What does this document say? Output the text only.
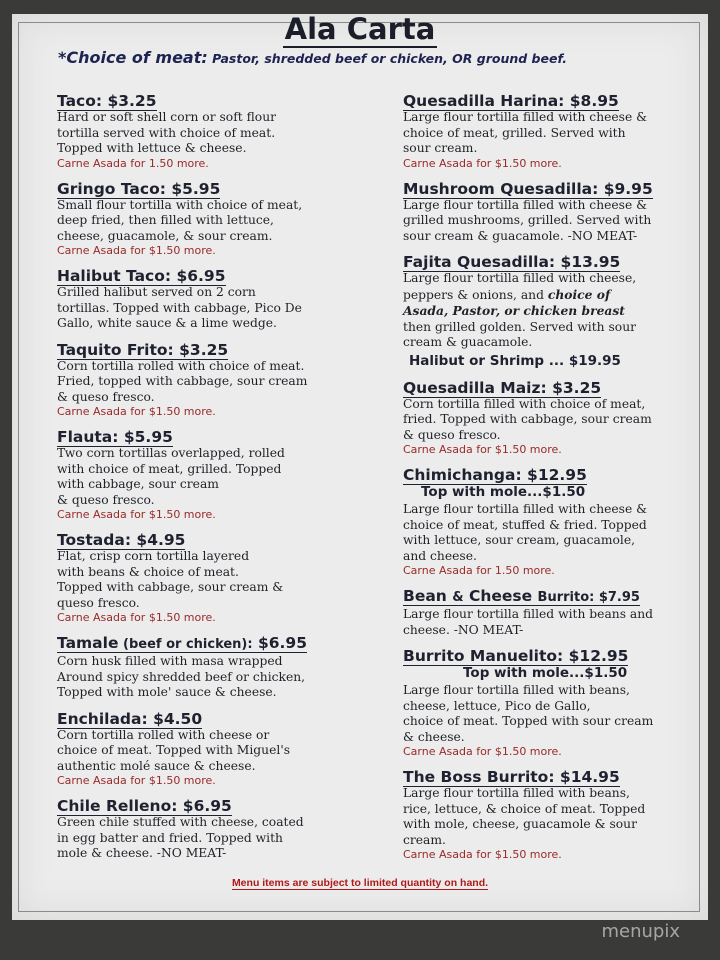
Ala Carta
*Choice of meat: Pastor, shredded beef or chicken, OR ground beef.
Taco: $3.25

Hard or soft shell corn or soft flour
tortilla served with choice of meat.
Topped with lettuce & cheese.

Carne Asada for 1.50 more.

Gringo Taco: $5.95

Small flour tortilla with choice of meat,
deep fried, then filled with lettuce,
cheese, guacamole, & sour cream.

Carne Asada for $1.50 more.

Halibut Taco: $6.95

Grilled halibut served on 2 corn
tortillas. Topped with cabbage, Pico De
Gallo, white sauce & a lime wedge.

Taquito Frito: $3.25

Corn tortilla rolled with choice of meat.
Fried, topped with cabbage, sour cream
& queso fresco.

Carne Asada for $1.50 more.

Flauta: $5.95

Two corn tortillas overlapped, rolled
with choice of meat, grilled. Topped
with cabbage, sour cream
& queso fresco.

Carne Asada for $1.50 more.

Tostada: $4.95

Flat, crisp corn tortilla layered
with beans & choice of meat.
Topped with cabbage, sour cream &
queso fresco.

Carne Asada for $1.50 more.

Tamale (beef or chicken): $6.95

Corn husk filled with masa wrapped
Around spicy shredded beef or chicken,
Topped with mole' sauce & cheese.

Enchilada: $4.50

Corn tortilla rolled with cheese or
choice of meat. Topped with Miguel's
authentic molé sauce & cheese.

Carne Asada for $1.50 more.

Chile Relleno: $6.95

Green chile stuffed with cheese, coated
in egg batter and fried. Topped with
mole & cheese. -NO MEAT-

Quesadilla Harina: $8.95

Large flour tortilla filled with cheese &
choice of meat, grilled. Served with
sour cream.

Carne Asada for $1.50 more.

Mushroom Quesadilla: $9.95

Large flour tortilla filled with cheese &
grilled mushrooms, grilled. Served with
sour cream & guacamole. -NO MEAT-

Fajita Quesadilla: $13.95

Large flour tortilla filled with cheese,
peppers & onions, and choice of
Asada, Pastor, or chicken breast
then grilled golden. Served with sour
cream & guacamole.

Halibut or Shrimp ... $19.95

Quesadilla Maiz: $3.25

Corn tortilla filled with choice of meat,
fried. Topped with cabbage, sour cream
& queso fresco.

Carne Asada for $1.50 more.

Chimichanga: $12.95

Top with mole...$1.50

Large flour tortilla filled with cheese &
choice of meat, stuffed & fried. Topped
with lettuce, sour cream, guacamole,
and cheese.

Carne Asada for 1.50 more.

Bean & Cheese Burrito: $7.95

Large flour tortilla filled with beans and
cheese. -NO MEAT-

Burrito Manuelito: $12.95

Top with mole...$1.50

Large flour tortilla filled with beans,
cheese, lettuce, Pico de Gallo,
choice of meat. Topped with sour cream
& cheese.

Carne Asada for $1.50 more.

The Boss Burrito: $14.95

Large flour tortilla filled with beans,
rice, lettuce, & choice of meat. Topped
with mole, cheese, guacamole & sour
cream.

Carne Asada for $1.50 more.

Menu items are subject to limited quantity on hand.
menupix
